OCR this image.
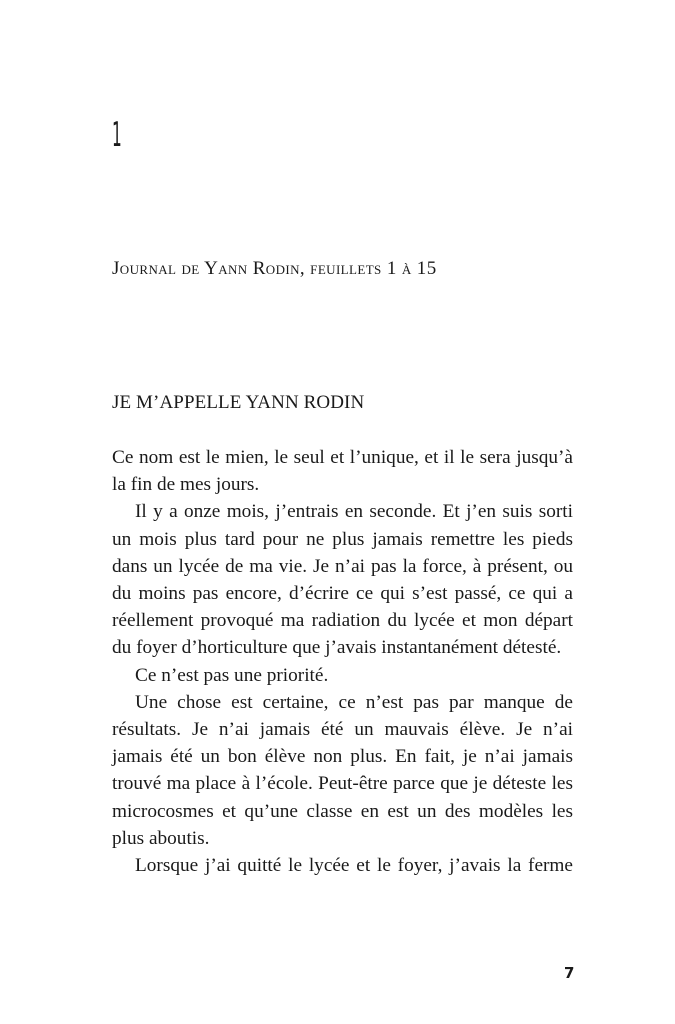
1
Journal de Yann Rodin, feuillets 1 à 15
JE M’APPELLE YANN RODIN

Ce nom est le mien, le seul et l’unique, et il le sera jusqu’à la fin de mes jours.

Il y a onze mois, j’entrais en seconde. Et j’en suis sorti un mois plus tard pour ne plus jamais remettre les pieds dans un lycée de ma vie. Je n’ai pas la force, à présent, ou du moins pas encore, d’écrire ce qui s’est passé, ce qui a réellement provoqué ma radiation du lycée et mon départ du foyer d’horticulture que j’avais instantanément détesté.

Ce n’est pas une priorité.

Une chose est certaine, ce n’est pas par manque de résultats. Je n’ai jamais été un mauvais élève. Je n’ai jamais été un bon élève non plus. En fait, je n’ai jamais trouvé ma place à l’école. Peut-être parce que je déteste les microcosmes et qu’une classe en est un des modèles les plus aboutis.

Lorsque j’ai quitté le lycée et le foyer, j’avais la ferme

7
